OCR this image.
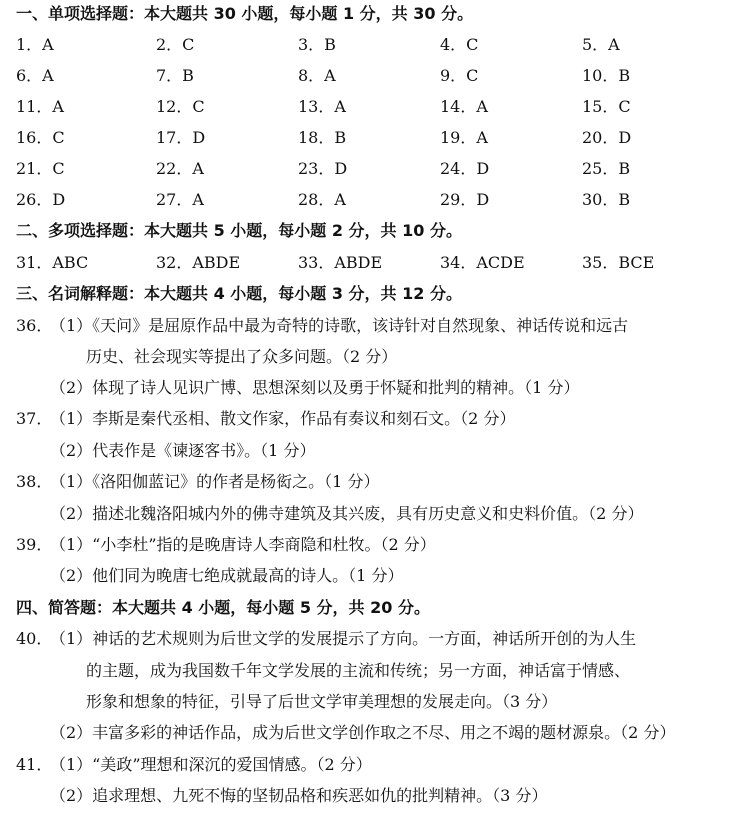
一、单项选择题：本大题共 30 小题，每小题 1 分，共 30 分。
1．A	2．C	3．B	4．C	5．A
6．A	7．B	8．A	9．C	10．B
11．A	12．C	13．A	14．A	15．C
16．C	17．D	18．B	19．A	20．D
21．C	22．A	23．D	24．D	25．B
26．D	27．A	28．A	29．D	30．B
二、多项选择题：本大题共 5 小题，每小题 2 分，共 10 分。
31．ABC	32．ABDE	33．ABDE	34．ACDE	35．BCE
三、名词解释题：本大题共 4 小题，每小题 3 分，共 12 分。
36．
（1）《天问》是屈原作品中最为奇特的诗歌，该诗针对自然现象、神话传说和远古
历史、社会现实等提出了众多问题。（2 分）
（2）体现了诗人见识广博、思想深刻以及勇于怀疑和批判的精神。（1 分）
37．
（1）李斯是秦代丞相、散文作家，作品有奏议和刻石文。（2 分）
（2）代表作是《谏逐客书》。（1 分）
38．
（1）《洛阳伽蓝记》的作者是杨衒之。（1 分）
（2）描述北魏洛阳城内外的佛寺建筑及其兴废，具有历史意义和史料价值。（2 分）
39．
（1）“小李杜”指的是晚唐诗人李商隐和杜牧。（2 分）
（2）他们同为晚唐七绝成就最高的诗人。（1 分）
四、简答题：本大题共 4 小题，每小题 5 分，共 20 分。
40．
（1）神话的艺术规则为后世文学的发展提示了方向。一方面，神话所开创的为人生
的主题，成为我国数千年文学发展的主流和传统；另一方面，神话富于情感、
形象和想象的特征，引导了后世文学审美理想的发展走向。（3 分）
（2）丰富多彩的神话作品，成为后世文学创作取之不尽、用之不竭的题材源泉。（2 分）
41．
（1）“美政”理想和深沉的爱国情感。（2 分）
（2）追求理想、九死不悔的坚韧品格和疾恶如仇的批判精神。（3 分）
